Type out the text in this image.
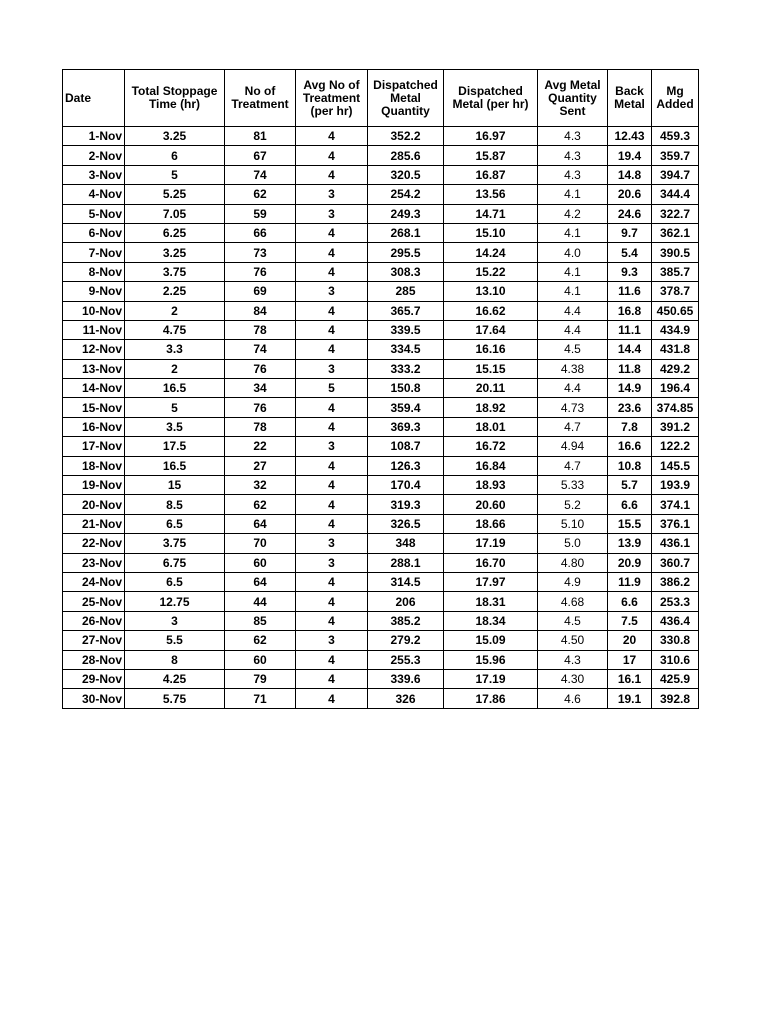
Date	Total Stoppage Time (hr)	No of Treatment	Avg No of Treatment (per hr)	Dispatched Metal Quantity	Dispatched Metal (per hr)	Avg Metal Quantity Sent	Back Metal	Mg Added
1-Nov	3.25	81	4	352.2	16.97	4.3	12.43	459.3
2-Nov	6	67	4	285.6	15.87	4.3	19.4	359.7
3-Nov	5	74	4	320.5	16.87	4.3	14.8	394.7
4-Nov	5.25	62	3	254.2	13.56	4.1	20.6	344.4
5-Nov	7.05	59	3	249.3	14.71	4.2	24.6	322.7
6-Nov	6.25	66	4	268.1	15.10	4.1	9.7	362.1
7-Nov	3.25	73	4	295.5	14.24	4.0	5.4	390.5
8-Nov	3.75	76	4	308.3	15.22	4.1	9.3	385.7
9-Nov	2.25	69	3	285	13.10	4.1	11.6	378.7
10-Nov	2	84	4	365.7	16.62	4.4	16.8	450.65
11-Nov	4.75	78	4	339.5	17.64	4.4	11.1	434.9
12-Nov	3.3	74	4	334.5	16.16	4.5	14.4	431.8
13-Nov	2	76	3	333.2	15.15	4.38	11.8	429.2
14-Nov	16.5	34	5	150.8	20.11	4.4	14.9	196.4
15-Nov	5	76	4	359.4	18.92	4.73	23.6	374.85
16-Nov	3.5	78	4	369.3	18.01	4.7	7.8	391.2
17-Nov	17.5	22	3	108.7	16.72	4.94	16.6	122.2
18-Nov	16.5	27	4	126.3	16.84	4.7	10.8	145.5
19-Nov	15	32	4	170.4	18.93	5.33	5.7	193.9
20-Nov	8.5	62	4	319.3	20.60	5.2	6.6	374.1
21-Nov	6.5	64	4	326.5	18.66	5.10	15.5	376.1
22-Nov	3.75	70	3	348	17.19	5.0	13.9	436.1
23-Nov	6.75	60	3	288.1	16.70	4.80	20.9	360.7
24-Nov	6.5	64	4	314.5	17.97	4.9	11.9	386.2
25-Nov	12.75	44	4	206	18.31	4.68	6.6	253.3
26-Nov	3	85	4	385.2	18.34	4.5	7.5	436.4
27-Nov	5.5	62	3	279.2	15.09	4.50	20	330.8
28-Nov	8	60	4	255.3	15.96	4.3	17	310.6
29-Nov	4.25	79	4	339.6	17.19	4.30	16.1	425.9
30-Nov	5.75	71	4	326	17.86	4.6	19.1	392.8
